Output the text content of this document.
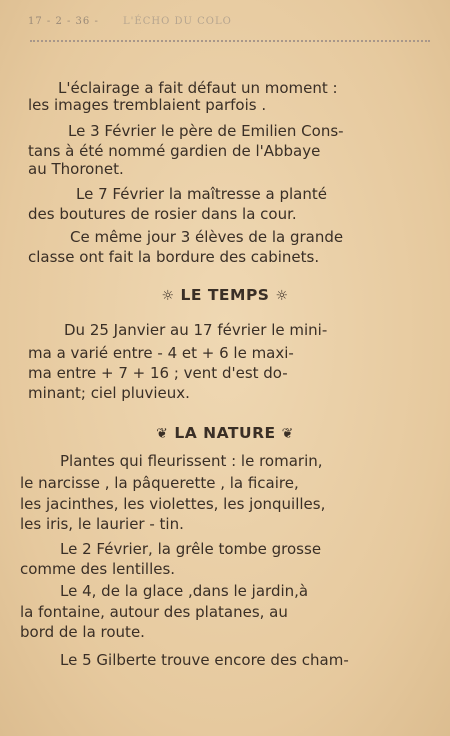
17 - 2 - 36 - L'ÉCHO DU COLO
L'éclairage a fait défaut un moment :
les images tremblaient parfois .
Le 3 Février le père de Emilien Cons-
tans à été nommé gardien de l'Abbaye
au Thoronet.
Le 7 Février la maîtresse a planté
des boutures de rosier dans la cour.
Ce même jour 3 élèves de la grande
classe ont fait la bordure des cabinets.
☼ LE TEMPS ☼
Du 25 Janvier au 17 février le mini-
ma a varié entre - 4 et + 6 le maxi-
ma entre + 7 + 16 ; vent d'est do-
minant; ciel pluvieux.
❦ LA NATURE ❦
Plantes qui fleurissent : le romarin,
le narcisse , la pâquerette , la ficaire,
les jacinthes, les violettes, les jonquilles,
les iris, le laurier - tin.
Le 2 Février, la grêle tombe grosse
comme des lentilles.
Le 4, de la glace ,dans le jardin,à
la fontaine, autour des platanes, au
bord de la route.
Le 5 Gilberte trouve encore des cham-
